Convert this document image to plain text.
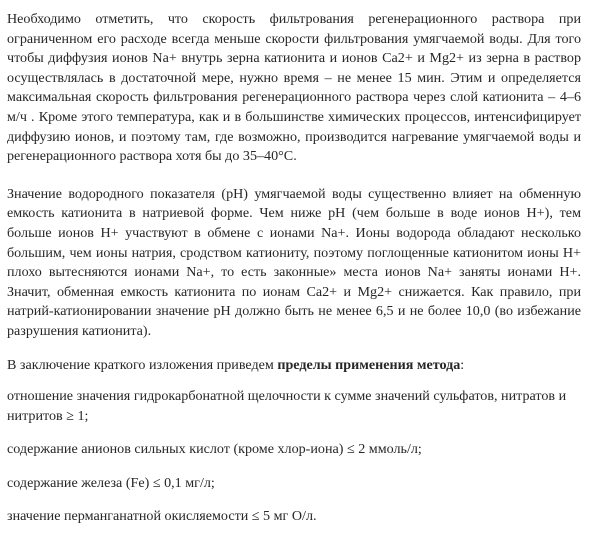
Необходимо отметить, что скорость фильтрования регенерационного раствора при ограниченном его расходе всегда меньше скорости фильтрования умягчаемой воды. Для того чтобы диффузия ионов Na+ внутрь зерна катионита и ионов Ca2+ и Mg2+ из зерна в раствор осуществлялась в достаточной мере, нужно время – не менее 15 мин. Этим и определяется максимальная скорость фильтрования регенерационного раствора через слой катионита – 4–6 м/ч . Кроме этого температура, как и в большинстве химических процессов, интенсифицирует диффузию ионов, и поэтому там, где возможно, производится нагревание умягчаемой воды и регенерационного раствора хотя бы до 35–40°C.

Значение водородного показателя (pH) умягчаемой воды существенно влияет на обменную емкость катионита в натриевой форме. Чем ниже pH (чем больше в воде ионов H+), тем больше ионов H+ участвуют в обмене с ионами Na+. Ионы водорода обладают несколько большим, чем ионы натрия, сродством катиониту, поэтому поглощенные катионитом ионы H+ плохо вытесняются ионами Na+, то есть законные» места ионов Na+ заняты ионами H+. Значит, обменная емкость катионита по ионам Ca2+ и Mg2+ снижается. Как правило, при натрий-катионировании значение pH должно быть не менее 6,5 и не более 10,0 (во избежание разрушения катионита).

В заключение краткого изложения приведем пределы применения метода:

отношение значения гидрокарбонатной щелочности к сумме значений сульфатов, нитратов и нитритов ≥ 1;

содержание анионов сильных кислот (кроме хлор-иона) ≤ 2 ммоль/л;

содержание железа (Fe) ≤ 0,1 мг/л;

значение перманганатной окисляемости ≤ 5 мг О/л.
